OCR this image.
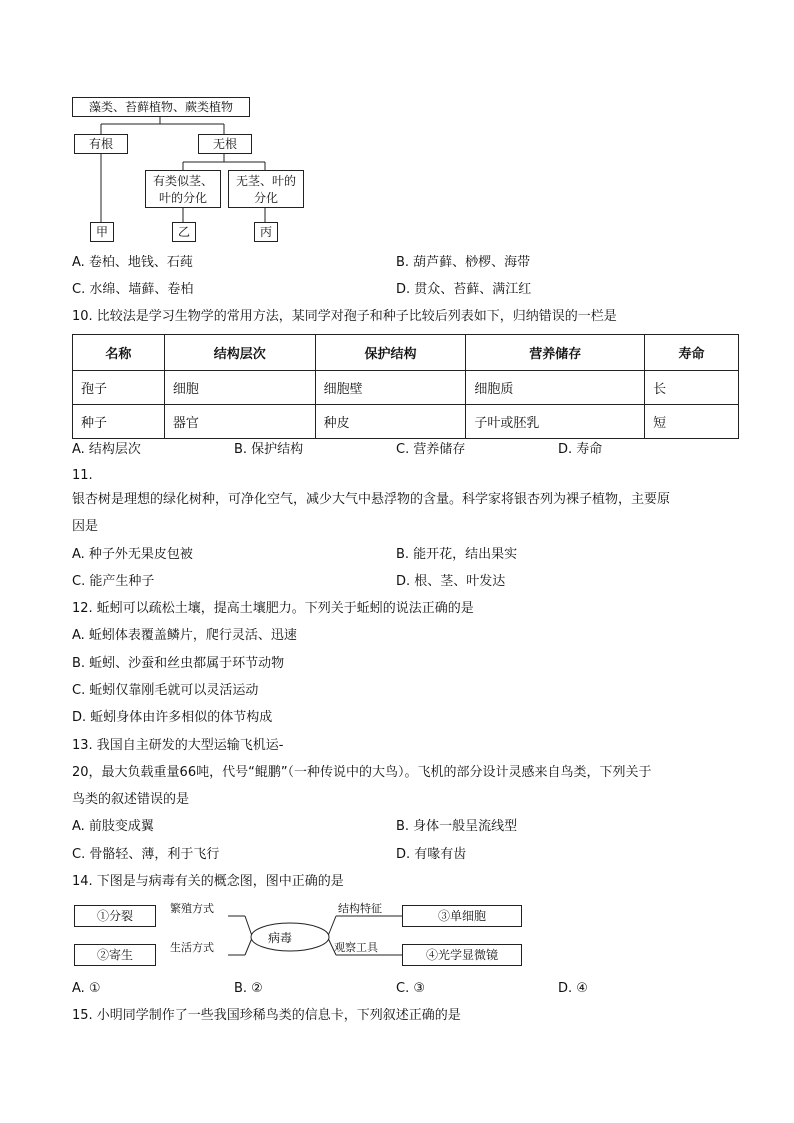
藻类、苔藓植物、蕨类植物
有根	无根
有类似茎、
叶的分化
无茎、叶的
分化
甲	乙	丙
A. 卷柏、地钱、石莼	B. 葫芦藓、桫椤、海带
C. 水绵、墙藓、卷柏	D. 贯众、苔藓、满江红
10. 比较法是学习生物学的常用方法，某同学对孢子和种子比较后列表如下，归纳错误的一栏是
名称	结构层次	保护结构	营养储存	寿命
孢子	细胞	细胞壁	细胞质	长
种子	器官	种皮	子叶或胚乳	短
A. 结构层次	B. 保护结构	C. 营养储存	D. 寿命
11.
银杏树是理想的绿化树种，可净化空气，减少大气中悬浮物的含量。科学家将银杏列为裸子植物，主要原
因是
A. 种子外无果皮包被	B. 能开花，结出果实
C. 能产生种子	D. 根、茎、叶发达
12. 蚯蚓可以疏松土壤，提高土壤肥力。下列关于蚯蚓的说法正确的是
A. 蚯蚓体表覆盖鳞片，爬行灵活、迅速
B. 蚯蚓、沙蚕和丝虫都属于环节动物
C. 蚯蚓仅靠刚毛就可以灵活运动
D. 蚯蚓身体由许多相似的体节构成
13. 我国自主研发的大型运输飞机运-
20，最大负载重量66吨，代号“鲲鹏”（一种传说中的大鸟）。飞机的部分设计灵感来自鸟类，下列关于
鸟类的叙述错误的是
A. 前肢变成翼	B. 身体一般呈流线型
C. 骨骼轻、薄，利于飞行	D. 有喙有齿
14. 下图是与病毒有关的概念图，图中正确的是
①分裂
②寄生
③单细胞
④光学显微镜
繁殖方式
生活方式
结构特征
观察工具
病毒
A. ①	B. ②	C. ③	D. ④
15. 小明同学制作了一些我国珍稀鸟类的信息卡，下列叙述正确的是
